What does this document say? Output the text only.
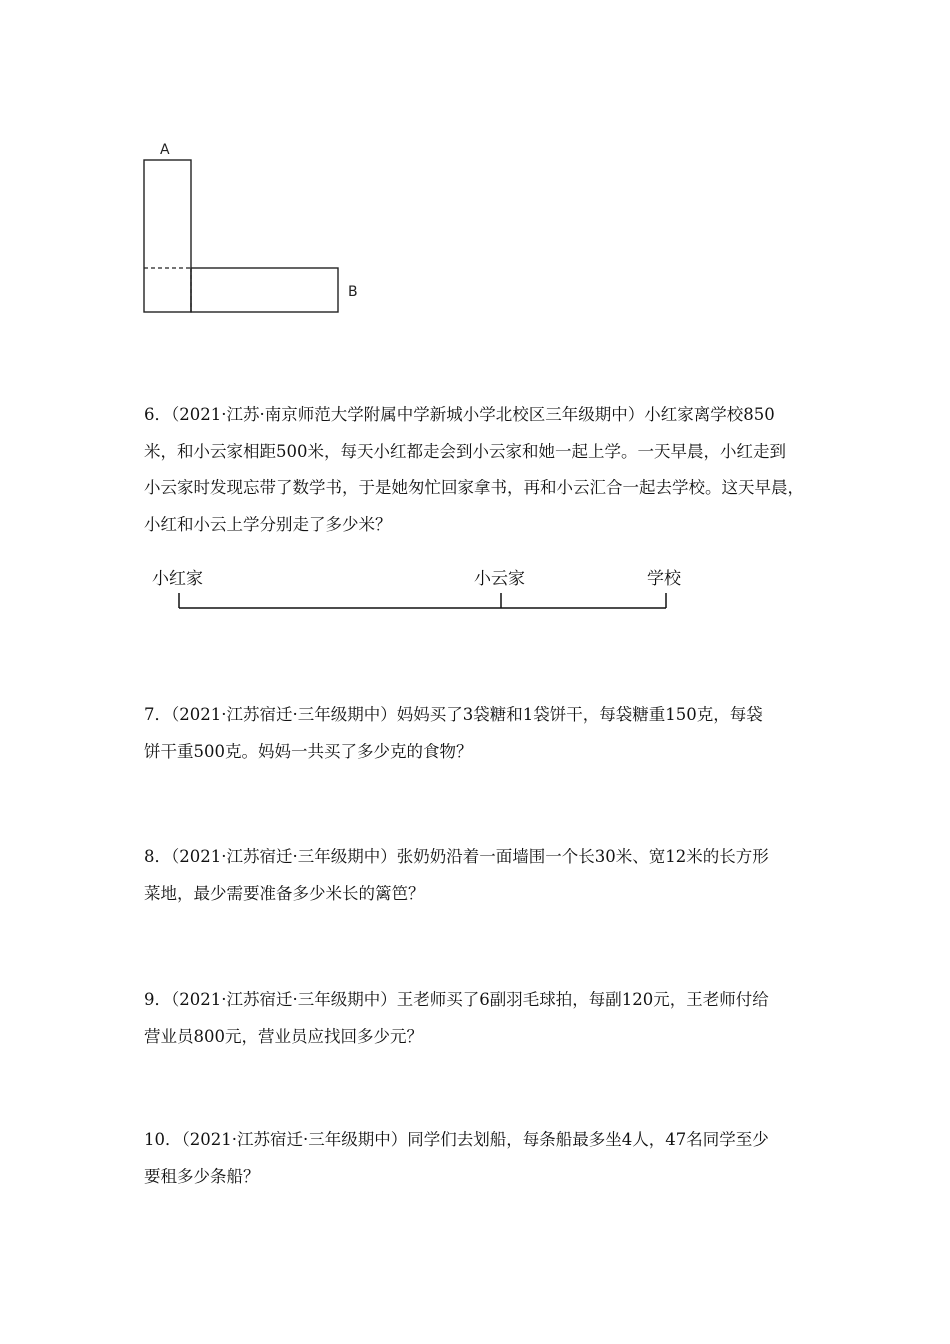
A
B

6．（2021·江苏·南京师范大学附属中学新城小学北校区三年级期中）小红家离学校850

米，和小云家相距500米，每天小红都走会到小云家和她一起上学。一天早晨，小红走到

小云家时发现忘带了数学书，于是她匆忙回家拿书，再和小云汇合一起去学校。这天早晨，

小红和小云上学分别走了多少米？

小红家	小云家	学校

7．（2021·江苏宿迁·三年级期中）妈妈买了3袋糖和1袋饼干，每袋糖重150克，每袋

饼干重500克。妈妈一共买了多少克的食物？

8．（2021·江苏宿迁·三年级期中）张奶奶沿着一面墙围一个长30米、宽12米的长方形

菜地，最少需要准备多少米长的篱笆？

9．（2021·江苏宿迁·三年级期中）王老师买了6副羽毛球拍，每副120元，王老师付给

营业员800元，营业员应找回多少元？

10．（2021·江苏宿迁·三年级期中）同学们去划船，每条船最多坐4人，47名同学至少

要租多少条船？
